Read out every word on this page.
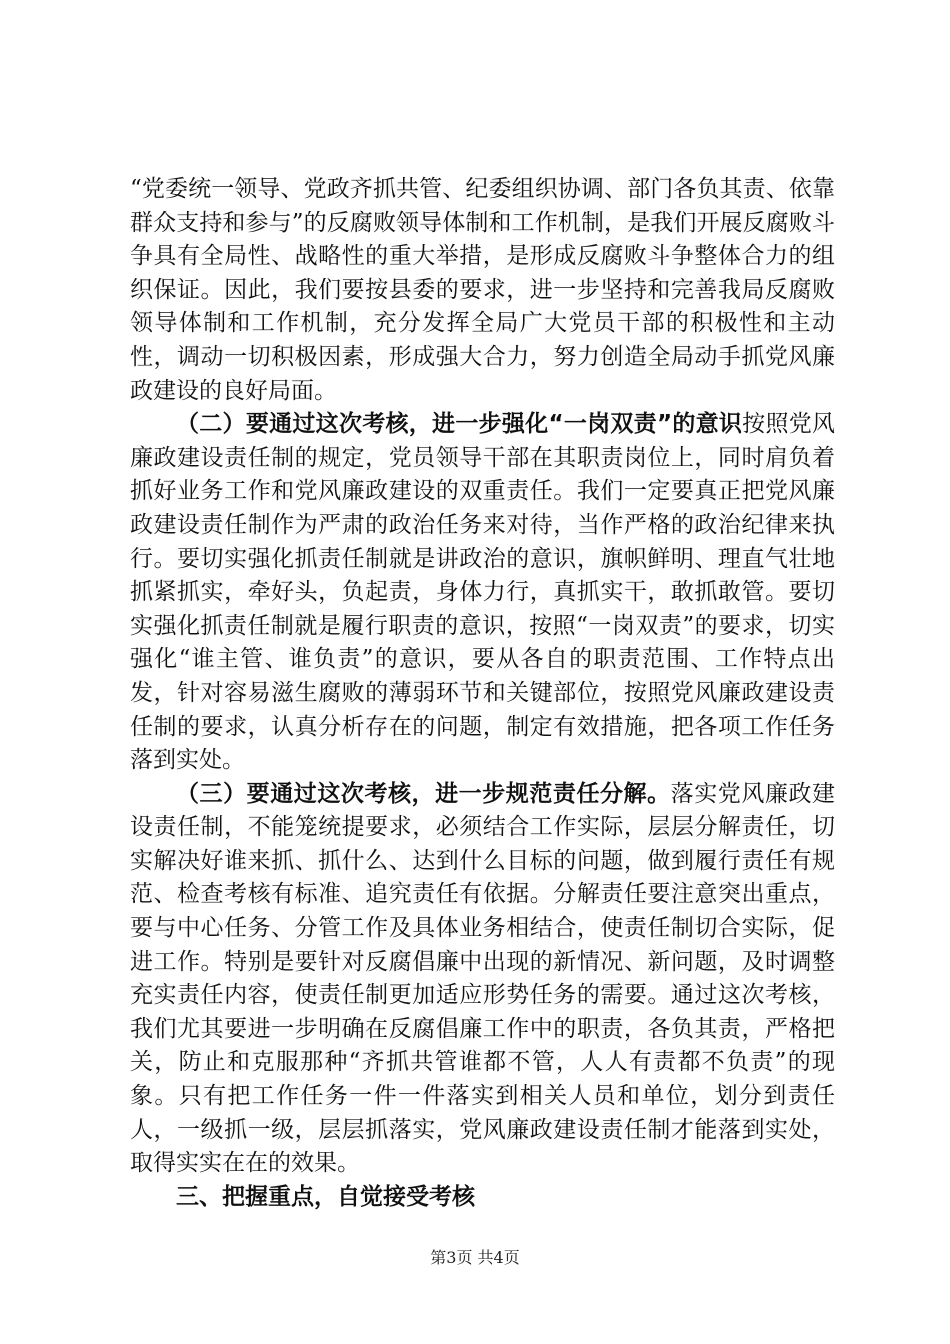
“党委统一领导、党政齐抓共管、纪委组织协调、部门各负其责、依靠群众支持和参与”的反腐败领导体制和工作机制，是我们开展反腐败斗争具有全局性、战略性的重大举措，是形成反腐败斗争整体合力的组织保证。因此，我们要按县委的要求，进一步坚持和完善我局反腐败领导体制和工作机制，充分发挥全局广大党员干部的积极性和主动性，调动一切积极因素，形成强大合力，努力创造全局动手抓党风廉政建设的良好局面。

（二）要通过这次考核，进一步强化“一岗双责”的意识按照党风廉政建设责任制的规定，党员领导干部在其职责岗位上，同时肩负着抓好业务工作和党风廉政建设的双重责任。我们一定要真正把党风廉政建设责任制作为严肃的政治任务来对待，当作严格的政治纪律来执行。要切实强化抓责任制就是讲政治的意识，旗帜鲜明、理直气壮地抓紧抓实，牵好头，负起责，身体力行，真抓实干，敢抓敢管。要切实强化抓责任制就是履行职责的意识，按照“一岗双责”的要求，切实强化“谁主管、谁负责”的意识，要从各自的职责范围、工作特点出发，针对容易滋生腐败的薄弱环节和关键部位，按照党风廉政建设责任制的要求，认真分析存在的问题，制定有效措施，把各项工作任务落到实处。

（三）要通过这次考核，进一步规范责任分解。落实党风廉政建设责任制，不能笼统提要求，必须结合工作实际，层层分解责任，切实解决好谁来抓、抓什么、达到什么目标的问题，做到履行责任有规范、检查考核有标准、追究责任有依据。分解责任要注意突出重点，要与中心任务、分管工作及具体业务相结合，使责任制切合实际，促进工作。特别是要针对反腐倡廉中出现的新情况、新问题，及时调整充实责任内容，使责任制更加适应形势任务的需要。通过这次考核，我们尤其要进一步明确在反腐倡廉工作中的职责，各负其责，严格把关，防止和克服那种“齐抓共管谁都不管，人人有责都不负责”的现象。只有把工作任务一件一件落实到相关人员和单位，划分到责任人，一级抓一级，层层抓落实，党风廉政建设责任制才能落到实处，取得实实在在的效果。

三、把握重点，自觉接受考核

第3页 共4页
